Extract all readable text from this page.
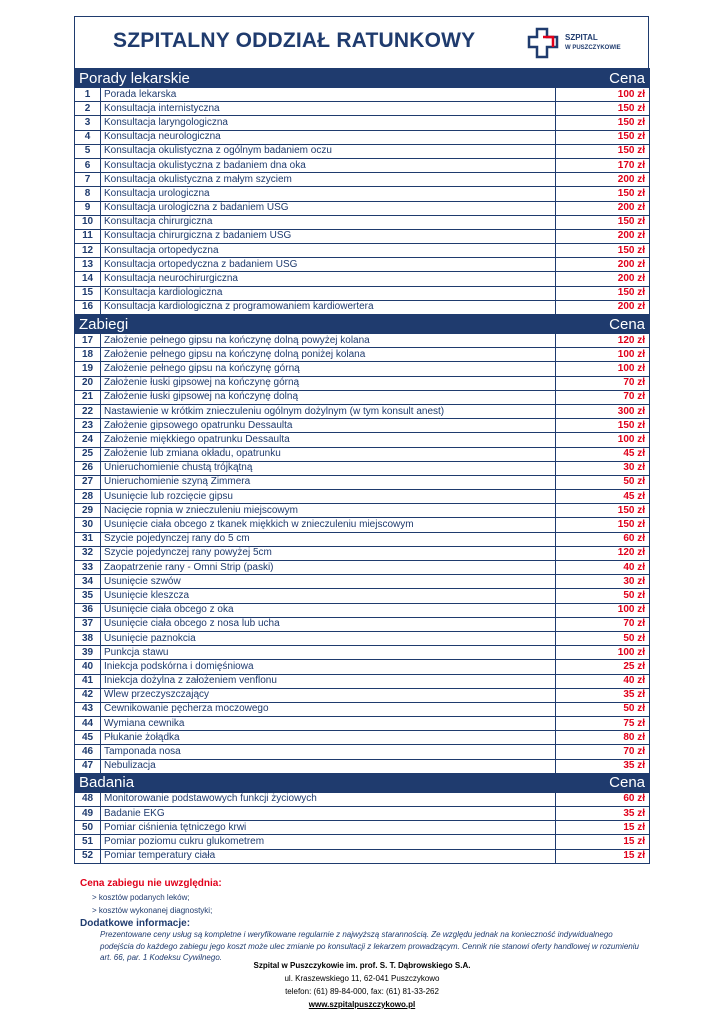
SZPITALNY ODDZIAŁ RATUNKOWY	SZPITAL
W PUSZCZYKOWIE
Porady lekarskie		Cena
1	Porada lekarska	100 zł
2	Konsultacja internistyczna	150 zł
3	Konsultacja laryngologiczna	150 zł
4	Konsultacja neurologiczna	150 zł
5	Konsultacja okulistyczna z ogólnym badaniem oczu	150 zł
6	Konsultacja okulistyczna z badaniem dna oka	170 zł
7	Konsultacja okulistyczna z małym szyciem	200 zł
8	Konsultacja urologiczna	150 zł
9	Konsultacja urologiczna z badaniem USG	200 zł
10	Konsultacja chirurgiczna	150 zł
11	Konsultacja chirurgiczna z badaniem USG	200 zł
12	Konsultacja ortopedyczna	150 zł
13	Konsultacja ortopedyczna z badaniem USG	200 zł
14	Konsultacja neurochirurgiczna	200 zł
15	Konsultacja kardiologiczna	150 zł
16	Konsultacja kardiologiczna z programowaniem kardiowertera	200 zł
Zabiegi		Cena
17	Założenie pełnego gipsu na kończynę dolną powyżej kolana	120 zł
18	Założenie pełnego gipsu na kończynę dolną poniżej kolana	100 zł
19	Założenie pełnego gipsu na kończynę górną	100 zł
20	Założenie łuski gipsowej na kończynę górną	70 zł
21	Założenie łuski gipsowej na kończynę dolną	70 zł
22	Nastawienie w krótkim znieczuleniu ogólnym dożylnym (w tym konsult anest)	300 zł
23	Założenie gipsowego opatrunku Dessaulta	150 zł
24	Założenie miękkiego opatrunku Dessaulta	100 zł
25	Założenie lub zmiana okładu, opatrunku	45 zł
26	Unieruchomienie chustą trójkątną	30 zł
27	Unieruchomienie szyną Zimmera	50 zł
28	Usunięcie lub rozcięcie gipsu	45 zł
29	Nacięcie ropnia w znieczuleniu miejscowym	150 zł
30	Usunięcie ciała obcego z tkanek miękkich w znieczuleniu miejscowym	150 zł
31	Szycie pojedynczej rany do 5 cm	60 zł
32	Szycie pojedynczej rany powyżej 5cm	120 zł
33	Zaopatrzenie rany - Omni Strip (paski)	40 zł
34	Usunięcie szwów	30 zł
35	Usunięcie kleszcza	50 zł
36	Usunięcie ciała obcego z oka	100 zł
37	Usunięcie ciała obcego z nosa lub ucha	70 zł
38	Usunięcie paznokcia	50 zł
39	Punkcja stawu	100 zł
40	Iniekcja podskórna i domięśniowa	25 zł
41	Iniekcja dożylna z założeniem venflonu	40 zł
42	Wlew przeczyszczający	35 zł
43	Cewnikowanie pęcherza moczowego	50 zł
44	Wymiana cewnika	75 zł
45	Płukanie żołądka	80 zł
46	Tamponada nosa	70 zł
47	Nebulizacja	35 zł
Badania		Cena
48	Monitorowanie podstawowych funkcji życiowych	60 zł
49	Badanie EKG	35 zł
50	Pomiar ciśnienia tętniczego krwi	15 zł
51	Pomiar poziomu cukru glukometrem	15 zł
52	Pomiar temperatury ciała	15 zł
Cena zabiegu nie uwzględnia:
> kosztów podanych leków;
> kosztów wykonanej diagnostyki;
Dodatkowe informacje:
Prezentowane ceny usług są kompletne i weryfikowane regularnie z najwyższą starannością. Ze względu jednak na konieczność indywidualnego podejścia do każdego zabiegu jego koszt może ulec zmianie po konsultacji z lekarzem prowadzącym. Cennik nie stanowi oferty handlowej w rozumieniu art. 66, par. 1 Kodeksu Cywilnego.
Szpital w Puszczykowie im. prof. S. T. Dąbrowskiego S.A.
ul. Kraszewskiego 11, 62-041 Puszczykowo
telefon: (61) 89-84-000, fax: (61) 81-33-262
www.szpitalpuszczykowo.pl
